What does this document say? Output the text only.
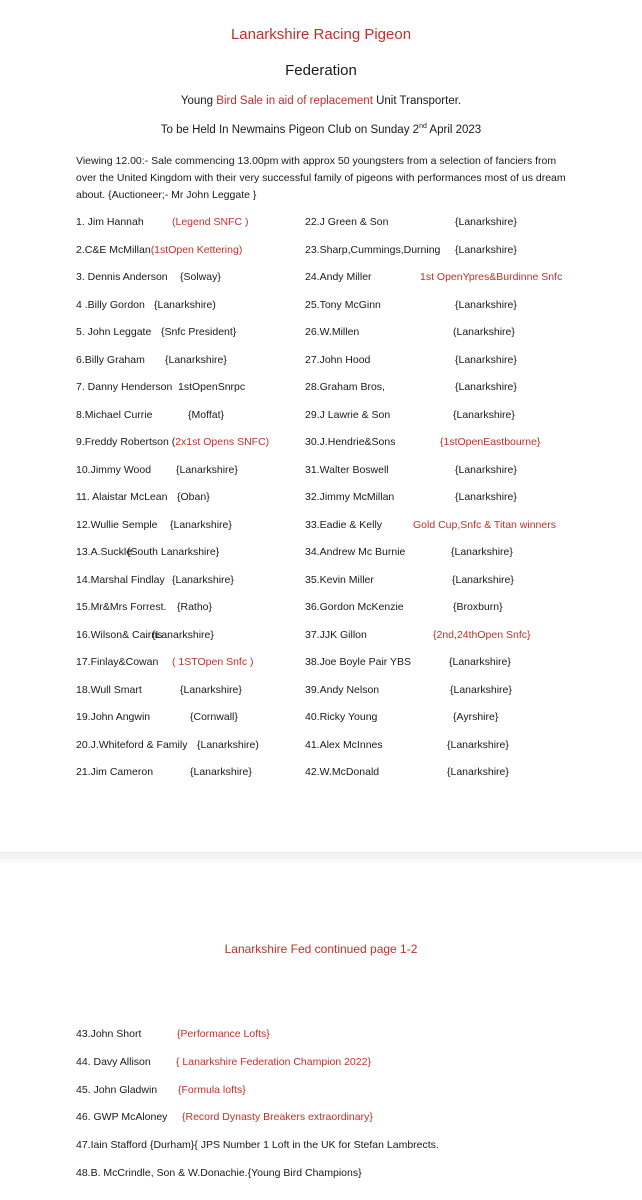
Lanarkshire Racing Pigeon
Federation
Young Bird Sale in aid of replacement Unit Transporter.
To be Held In Newmains Pigeon Club on Sunday 2nd April 2023
Viewing 12.00:- Sale commencing 13.00pm with approx 50 youngsters from a selection of fanciers from over the United Kingdom with their very successful family of pigeons with performances most of us dream about. {Auctioneer;- Mr John Leggate }
1. Jim Hannah	(Legend SNFC )
2.C&E McMillan(1stOpen Kettering)
3. Dennis Anderson {Solway}
4 .Billy Gordon {Lanarkshire)
5. John Leggate {Snfc President}
6.Billy Graham {Lanarkshire}
7. Danny Henderson 1stOpenSnrpc
8.Michael Currie	{Moffat}
9.Freddy Robertson (2x1st Opens SNFC)
10.Jimmy Wood {Lanarkshire}
11. Alaistar McLean {Oban}
12.Wullie Semple {Lanarkshire}
13.A.Suckle
{South Lanarkshire}
14.Marshal Findlay {Lanarkshire}
15.Mr&Mrs Forrest. {Ratho}
16.Wilson& Cairns
{Lanarkshire}
17.Finlay&Cowan ( 1STOpen Snfc )
18.Wull Smart	{Lanarkshire}
19.John Angwin	{Cornwall}
20.J.Whiteford & Family {Lanarkshire)
21.Jim Cameron	{Lanarkshire}
22.J Green & Son	{Lanarkshire}
23.Sharp,Cummings,Durning {Lanarkshire}
24.Andy Miller	1st OpenYpres&Burdinne Snfc
25.Tony McGinn	{Lanarkshire}
26.W.Millen	(Lanarkshire}
27.John Hood	{Lanarkshire}
28.Graham Bros,	{Lanarkshire}
29.J Lawrie & Son	{Lanarkshire}
30.J.Hendrie&Sons	{1stOpenEastbourne}
31.Walter Boswell	{Lanarkshire}
32.Jimmy McMillan	{Lanarkshire}
33.Eadie & Kelly	Gold Cup,Snfc & Titan winners
34.Andrew Mc Burnie	{Lanarkshire}
35.Kevin Miller	{Lanarkshire}
36.Gordon McKenzie	{Broxburn}
37.JJK Gillon	{2nd,24thOpen Snfc}
38.Joe Boyle Pair YBS	{Lanarkshire}
39.Andy Nelson	{Lanarkshire}
40.Ricky Young	{Ayrshire}
41.Alex McInnes	{Lanarkshire}
42.W.McDonald	{Lanarkshire}
Lanarkshire Fed continued page 1-2
43.John Short	{Performance Lofts}
44. Davy Allison { Lanarkshire Federation Champion 2022}
45. John Gladwin {Formula lofts}
46. GWP McAloney {Record Dynasty Breakers extraordinary}
47.Iain Stafford {Durham}{ JPS Number 1 Loft in the UK for Stefan Lambrects.
48.B. McCrindle, Son & W.Donachie.{Young Bird Champions}
